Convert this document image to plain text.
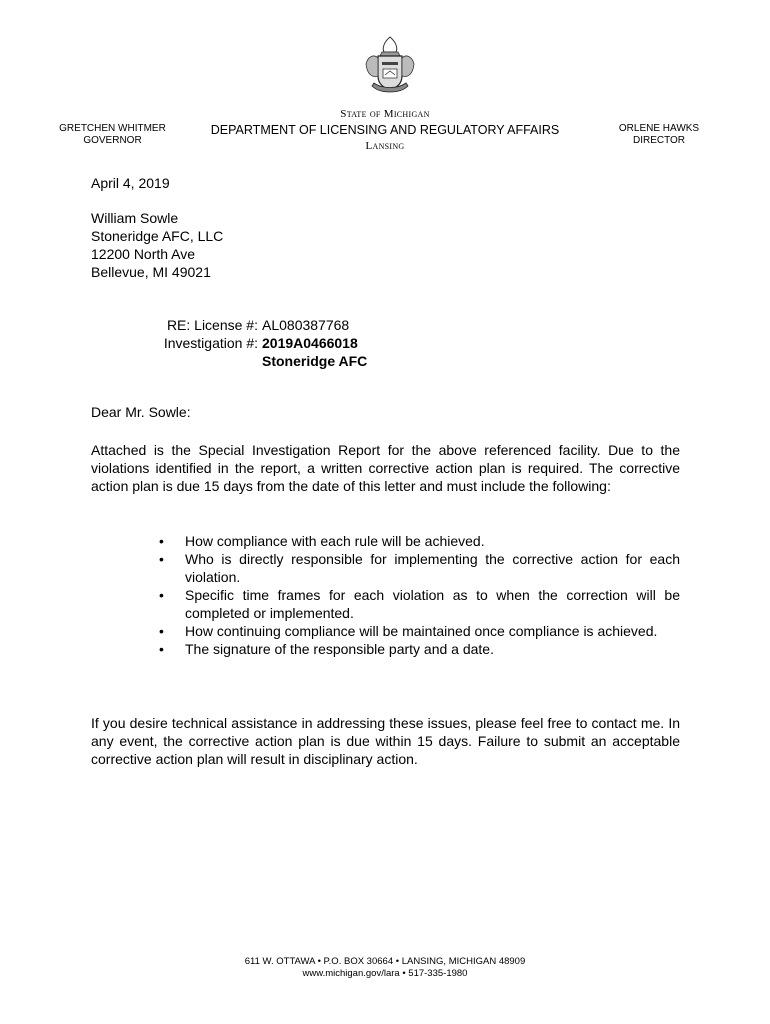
State of Michigan
DEPARTMENT OF LICENSING AND REGULATORY AFFAIRS
Lansing
GRETCHEN WHITMER
GOVERNOR
ORLENE HAWKS
DIRECTOR
April 4, 2019
William Sowle
Stoneridge AFC, LLC
12200 North Ave
Bellevue, MI 49021
RE: License #: AL080387768
Investigation #: 2019A0466018
Stoneridge AFC
Dear Mr. Sowle:
Attached is the Special Investigation Report for the above referenced facility. Due to the violations identified in the report, a written corrective action plan is required. The corrective action plan is due 15 days from the date of this letter and must include the following:
• How compliance with each rule will be achieved.
• Who is directly responsible for implementing the corrective action for each violation.
• Specific time frames for each violation as to when the correction will be completed or implemented.
• How continuing compliance will be maintained once compliance is achieved.
• The signature of the responsible party and a date.
If you desire technical assistance in addressing these issues, please feel free to contact me. In any event, the corrective action plan is due within 15 days. Failure to submit an acceptable corrective action plan will result in disciplinary action.
611 W. OTTAWA • P.O. BOX 30664 • LANSING, MICHIGAN 48909
www.michigan.gov/lara • 517-335-1980
